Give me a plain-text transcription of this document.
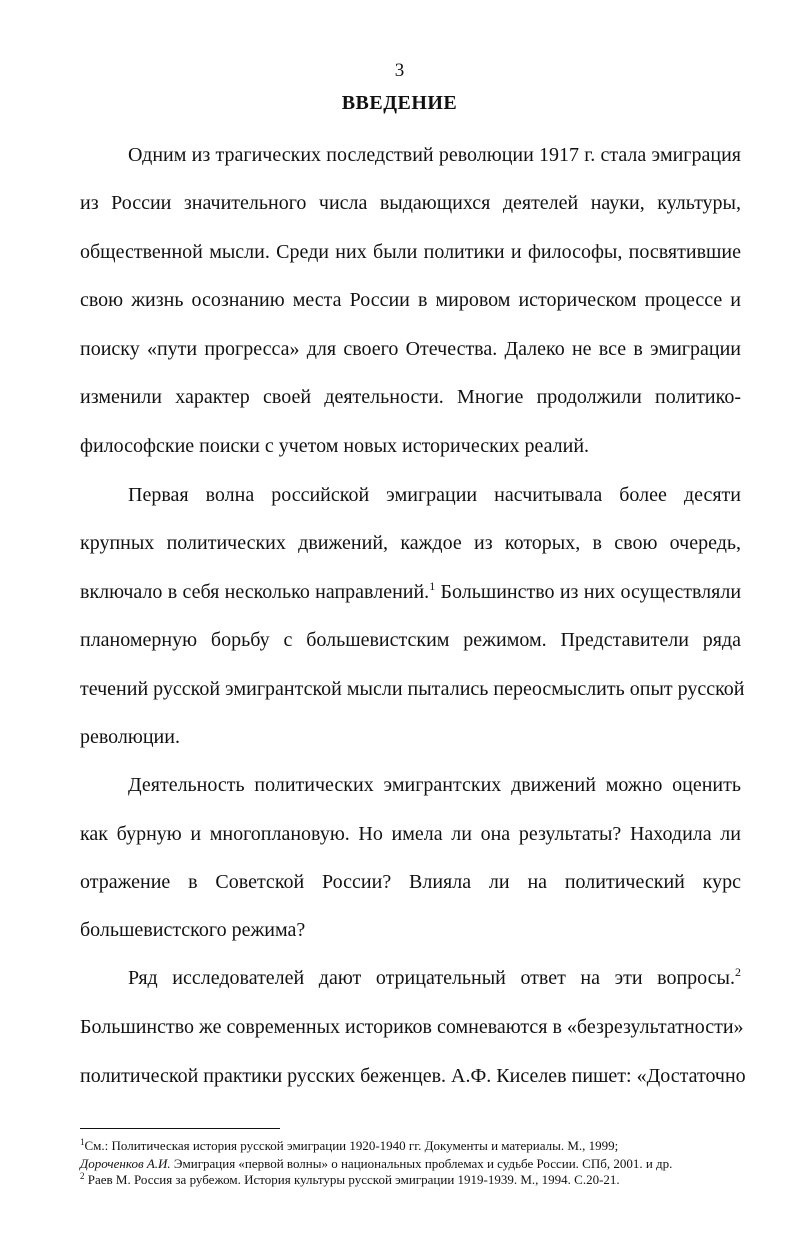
3
ВВЕДЕНИЕ
Одним из трагических последствий революции 1917 г. стала эмиграция
из России значительного числа выдающихся деятелей науки, культуры,
общественной мысли. Среди них были политики и философы, посвятившие
свою жизнь осознанию места России в мировом историческом процессе и
поиску «пути прогресса» для своего Отечества. Далеко не все в эмиграции
изменили характер своей деятельности. Многие продолжили политико-
философские поиски с учетом новых исторических реалий.
Первая волна российской эмиграции насчитывала более десяти
крупных политических движений, каждое из которых, в свою очередь,
включало в себя несколько направлений.$^1$ Большинство из них осуществляли
планомерную борьбу с большевистским режимом. Представители ряда
течений русской эмигрантской мысли пытались переосмыслить опыт русской
революции.
Деятельность политических эмигрантских движений можно оценить
как бурную и многоплановую. Но имела ли она результаты? Находила ли
отражение в Советской России? Влияла ли на политический курс
большевистского режима?
Ряд исследователей дают отрицательный ответ на эти вопросы.$^2$
Большинство же современных историков сомневаются в «безрезультатности»
политической практики русских беженцев. А.Ф. Киселев пишет: «Достаточно
$^1$См.: Политическая история русской эмиграции 1920-1940 гг. Документы и материалы. М., 1999;
Дороченков А.И. Эмиграция «первой волны» о национальных проблемах и судьбе России. СПб, 2001. и др.
$^2$ Раев М. Россия за рубежом. История культуры русской эмиграции 1919-1939. М., 1994. С.20-21.
